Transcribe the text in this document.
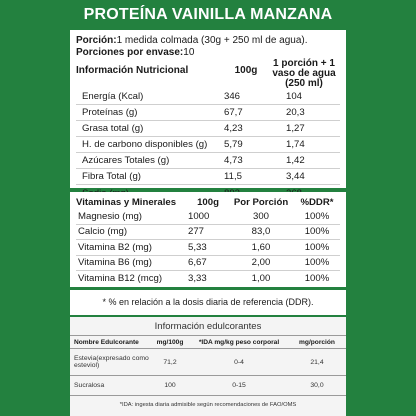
PROTEÍNA VAINILLA MANZANA
Porción:1 medida colmada (30g + 250 ml de agua).
Porciones por envase:10
Información Nutricional	100g
1 porción + 1 vaso de agua (250 ml)
Energía (Kcal)	346	104
Proteínas (g)	67,7	20,3
Grasa total (g)	4,23	1,27
H. de carbono disponibles (g)	5,79	1,74
Azúcares Totales (g)	4,73	1,42
Fibra Total (g)	11,5	3,44
Vitaminas y Minerales	100g	Por Porción	%DDR*
Magnesio (mg)	1000	300	100%
Calcio (mg)	277	83,0	100%
Vitamina B2 (mg)	5,33	1,60	100%
Vitamina B6 (mg)	6,67	2,00	100%
Vitamina B12 (mcg)	3,33	1,00	100%
* % en relación a la dosis diaria de referencia (DDR).
Información edulcorantes
Nombre Edulcorante	mg/100g	*IDA mg/kg peso corporal	mg/porción
Estevia(expresado como esteviol)	71,2	0-4	21,4
Sucralosa	100	0-15	30,0
*IDA: ingesta diaria admisible según recomendaciones de FAO/OMS
